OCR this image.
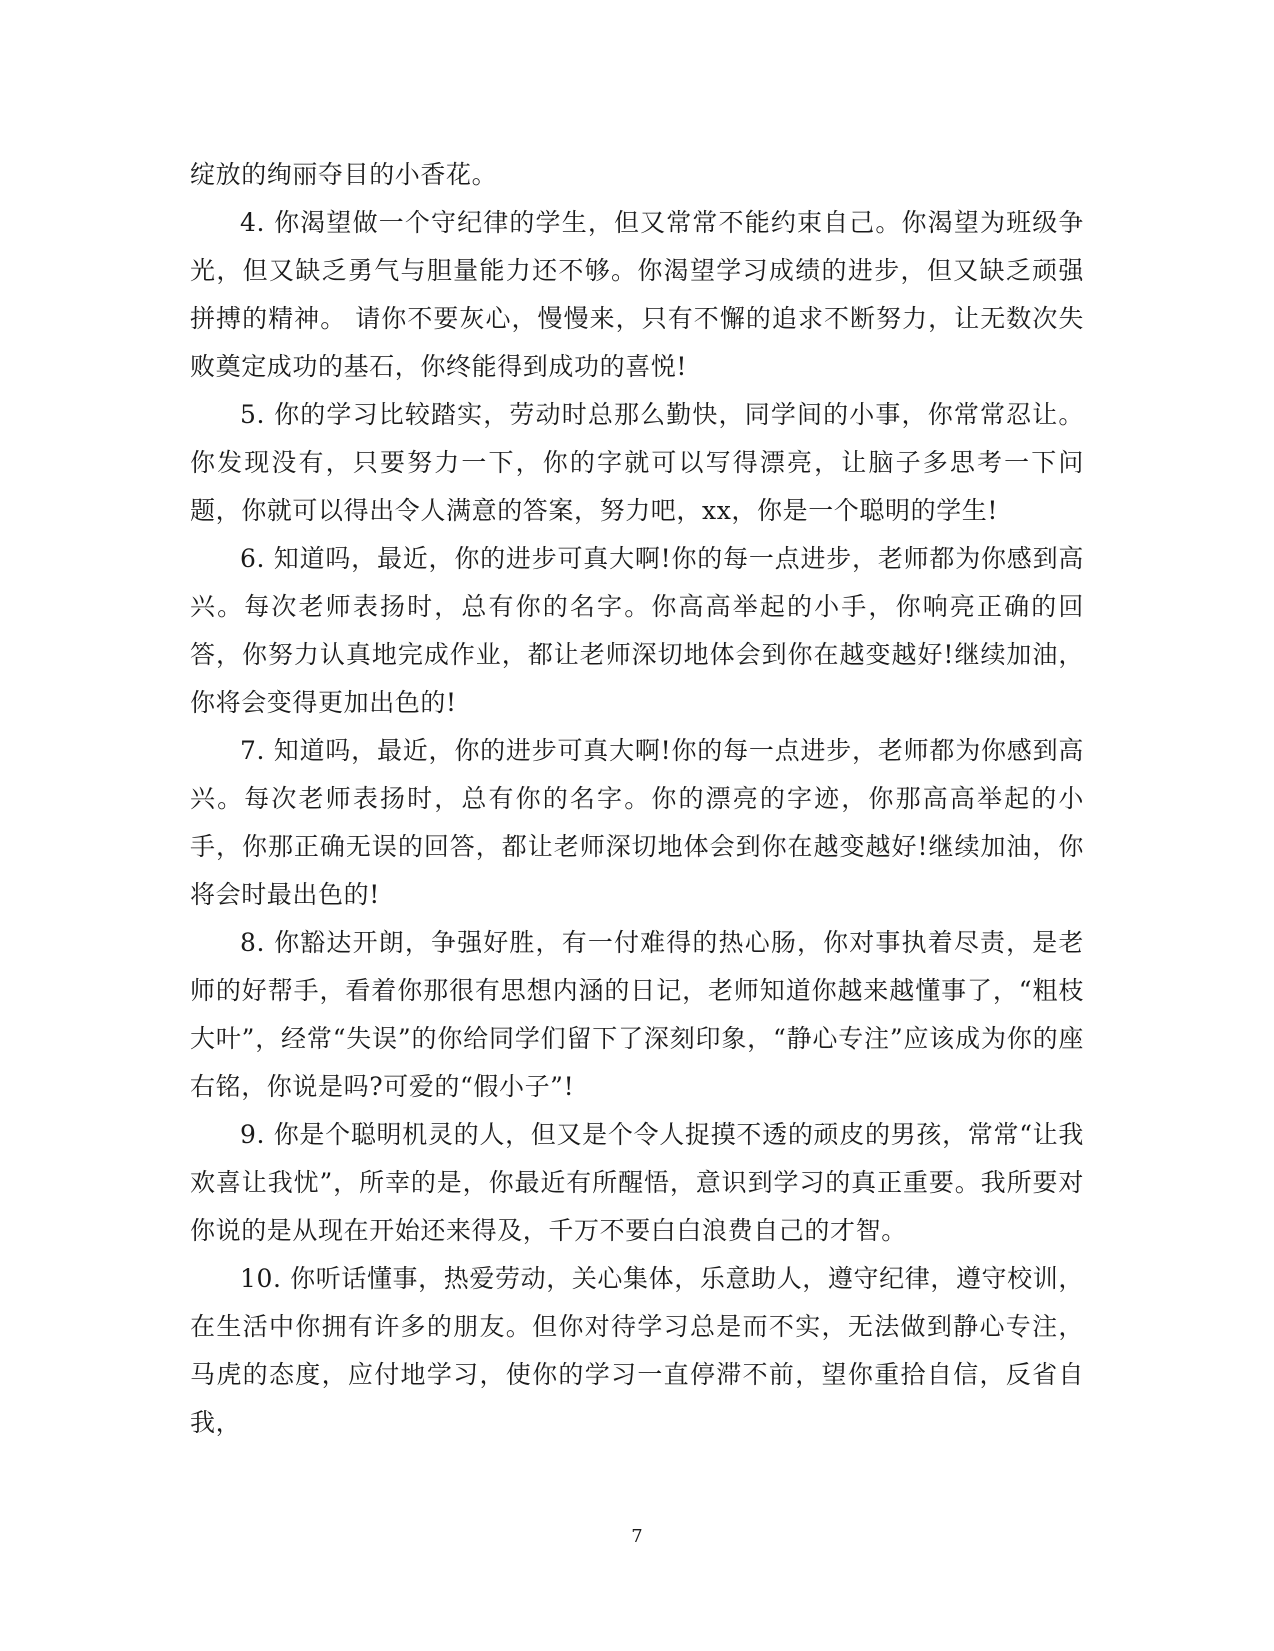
绽放的绚丽夺目的小香花。

4. 你渴望做一个守纪律的学生，但又常常不能约束自己。你渴望为班级争光，但又缺乏勇气与胆量能力还不够。你渴望学习成绩的进步，但又缺乏顽强拼搏的精神。 请你不要灰心，慢慢来，只有不懈的追求不断努力，让无数次失败奠定成功的基石，你终能得到成功的喜悦!

5. 你的学习比较踏实，劳动时总那么勤快，同学间的小事，你常常忍让。你发现没有，只要努力一下，你的字就可以写得漂亮，让脑子多思考一下问题，你就可以得出令人满意的答案，努力吧，xx，你是一个聪明的学生!

6. 知道吗，最近，你的进步可真大啊!你的每一点进步，老师都为你感到高兴。每次老师表扬时，总有你的名字。你高高举起的小手，你响亮正确的回答，你努力认真地完成作业，都让老师深切地体会到你在越变越好!继续加油，你将会变得更加出色的!

7. 知道吗，最近，你的进步可真大啊!你的每一点进步，老师都为你感到高兴。每次老师表扬时，总有你的名字。你的漂亮的字迹，你那高高举起的小手，你那正确无误的回答，都让老师深切地体会到你在越变越好!继续加油，你将会时最出色的!

8. 你豁达开朗，争强好胜，有一付难得的热心肠，你对事执着尽责，是老师的好帮手，看着你那很有思想内涵的日记，老师知道你越来越懂事了，“粗枝大叶”，经常“失误”的你给同学们留下了深刻印象，“静心专注”应该成为你的座右铭，你说是吗?可爱的“假小子”!

9. 你是个聪明机灵的人，但又是个令人捉摸不透的顽皮的男孩，常常“让我欢喜让我忧”，所幸的是，你最近有所醒悟，意识到学习的真正重要。我所要对你说的是从现在开始还来得及，千万不要白白浪费自己的才智。

10. 你听话懂事，热爱劳动，关心集体，乐意助人，遵守纪律，遵守校训，在生活中你拥有许多的朋友。但你对待学习总是而不实，无法做到静心专注，马虎的态度，应付地学习，使你的学习一直停滞不前，望你重拾自信，反省自我，

7
